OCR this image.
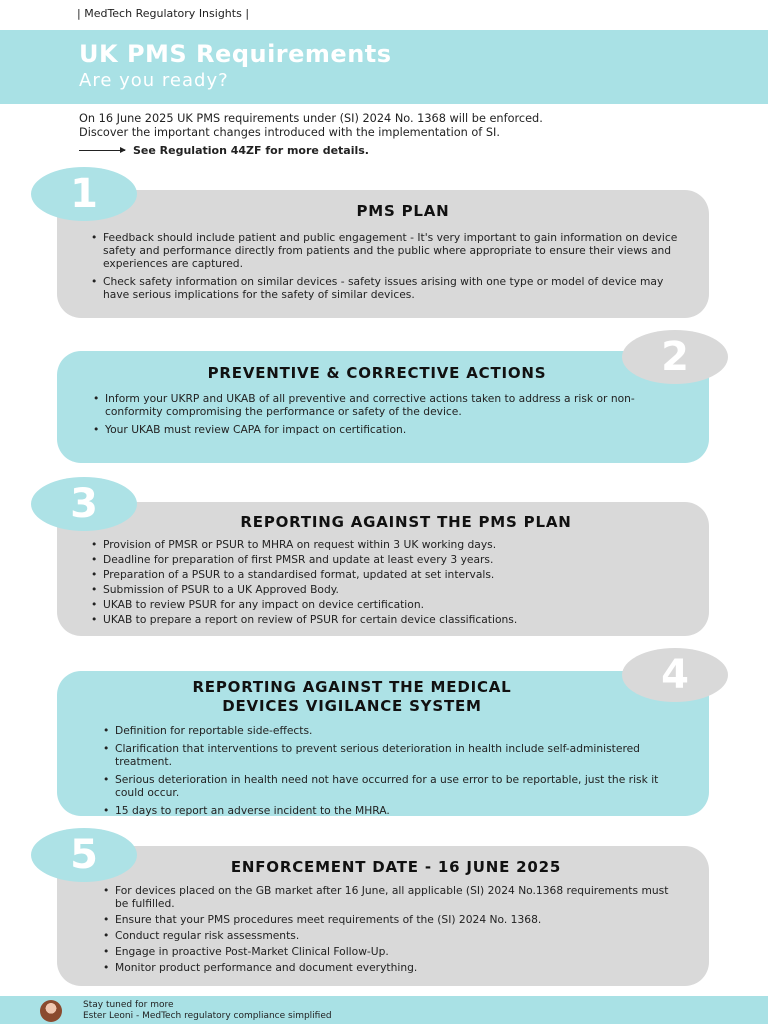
| MedTech Regulatory Insights |
UK PMS Requirements
Are you ready?

On 16 June 2025 UK PMS requirements under (SI) 2024 No. 1368 will be enforced.
Discover the important changes introduced with the implementation of SI.

See Regulation 44ZF for more details.
PMS PLAN
• Feedback should include patient and public engagement - It's very important to gain information on device safety and performance directly from patients and the public where appropriate to ensure their views and experiences are captured.
• Check safety information on similar devices - safety issues arising with one type or model of device may have serious implications for the safety of similar devices.
1
PREVENTIVE & CORRECTIVE ACTIONS
• Inform your UKRP and UKAB of all preventive and corrective actions taken to address a risk or non-conformity compromising the performance or safety of the device.
• Your UKAB must review CAPA for impact on certification.
2
REPORTING AGAINST THE PMS PLAN
• Provision of PMSR or PSUR to MHRA on request within 3 UK working days.
• Deadline for preparation of first PMSR and update at least every 3 years.
• Preparation of a PSUR to a standardised format, updated at set intervals.
• Submission of PSUR to a UK Approved Body.
• UKAB to review PSUR for any impact on device certification.
• UKAB to prepare a report on review of PSUR for certain device classifications.
3
REPORTING AGAINST THE MEDICAL
DEVICES VIGILANCE SYSTEM
• Definition for reportable side-effects.
• Clarification that interventions to prevent serious deterioration in health include self-administered treatment.
• Serious deterioration in health need not have occurred for a use error to be reportable, just the risk it could occur.
• 15 days to report an adverse incident to the MHRA.
4
ENFORCEMENT DATE - 16 JUNE 2025
• For devices placed on the GB market after 16 June, all applicable (SI) 2024 No.1368 requirements must be fulfilled.
• Ensure that your PMS procedures meet requirements of the (SI) 2024 No. 1368.
• Conduct regular risk assessments.
• Engage in proactive Post-Market Clinical Follow-Up.
• Monitor product performance and document everything.
5
Stay tuned for more
Ester Leoni - MedTech regulatory compliance simplified
